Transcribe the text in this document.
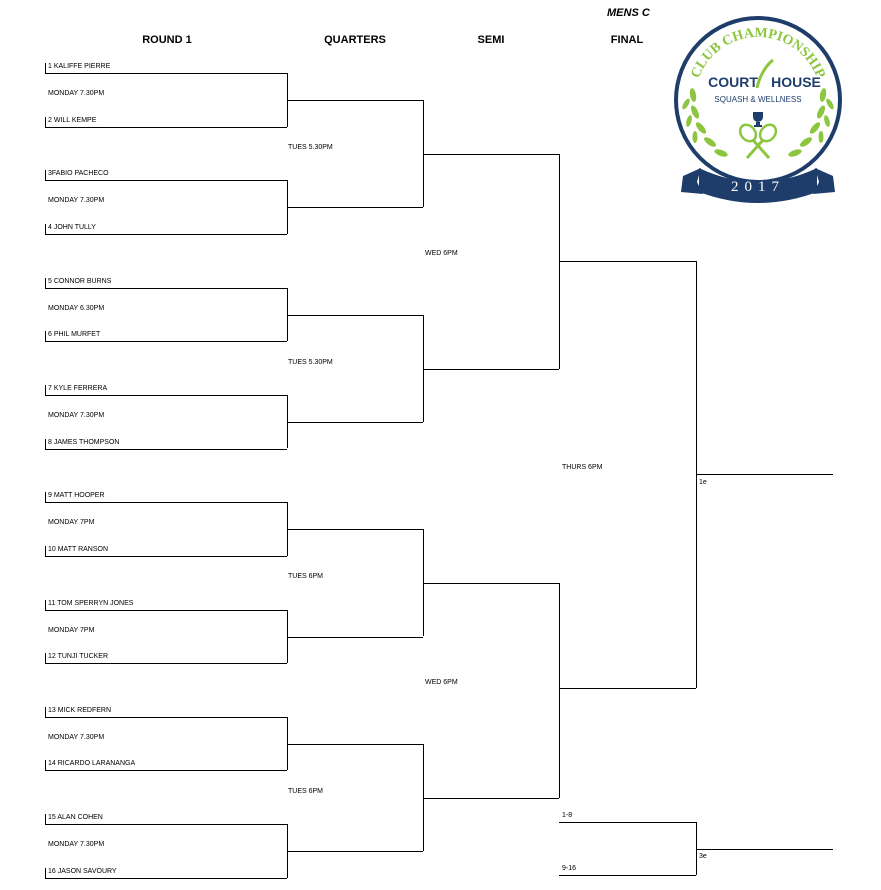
MENS C
ROUND 1	QUARTERS	SEMI	FINAL
1 KALIFFE PIERRE
2 WILL KEMPE
MONDAY 7.30PM
3FABIO PACHECO
4 JOHN TULLY
MONDAY 7.30PM
5 CONNOR BURNS
6 PHIL MURFET
MONDAY 6.30PM
7 KYLE FERRERA
8 JAMES THOMPSON
MONDAY 7.30PM
9 MATT HOOPER
10 MATT RANSON
MONDAY 7PM
11 TOM SPERRYN JONES
12 TUNJI TUCKER
MONDAY 7PM
13 MICK REDFERN
14 RICARDO LARANANGA
MONDAY 7.30PM
15 ALAN COHEN
16 JASON SAVOURY
MONDAY 7.30PM
TUES 5.30PM
TUES 5.30PM
TUES 6PM
TUES 6PM
WED 6PM
WED 6PM
THURS 6PM
1e
1-8
9-16
3e
CLUB CHAMPIONSHIP
COURT HOUSE
SQUASH & WELLNESS
2017
